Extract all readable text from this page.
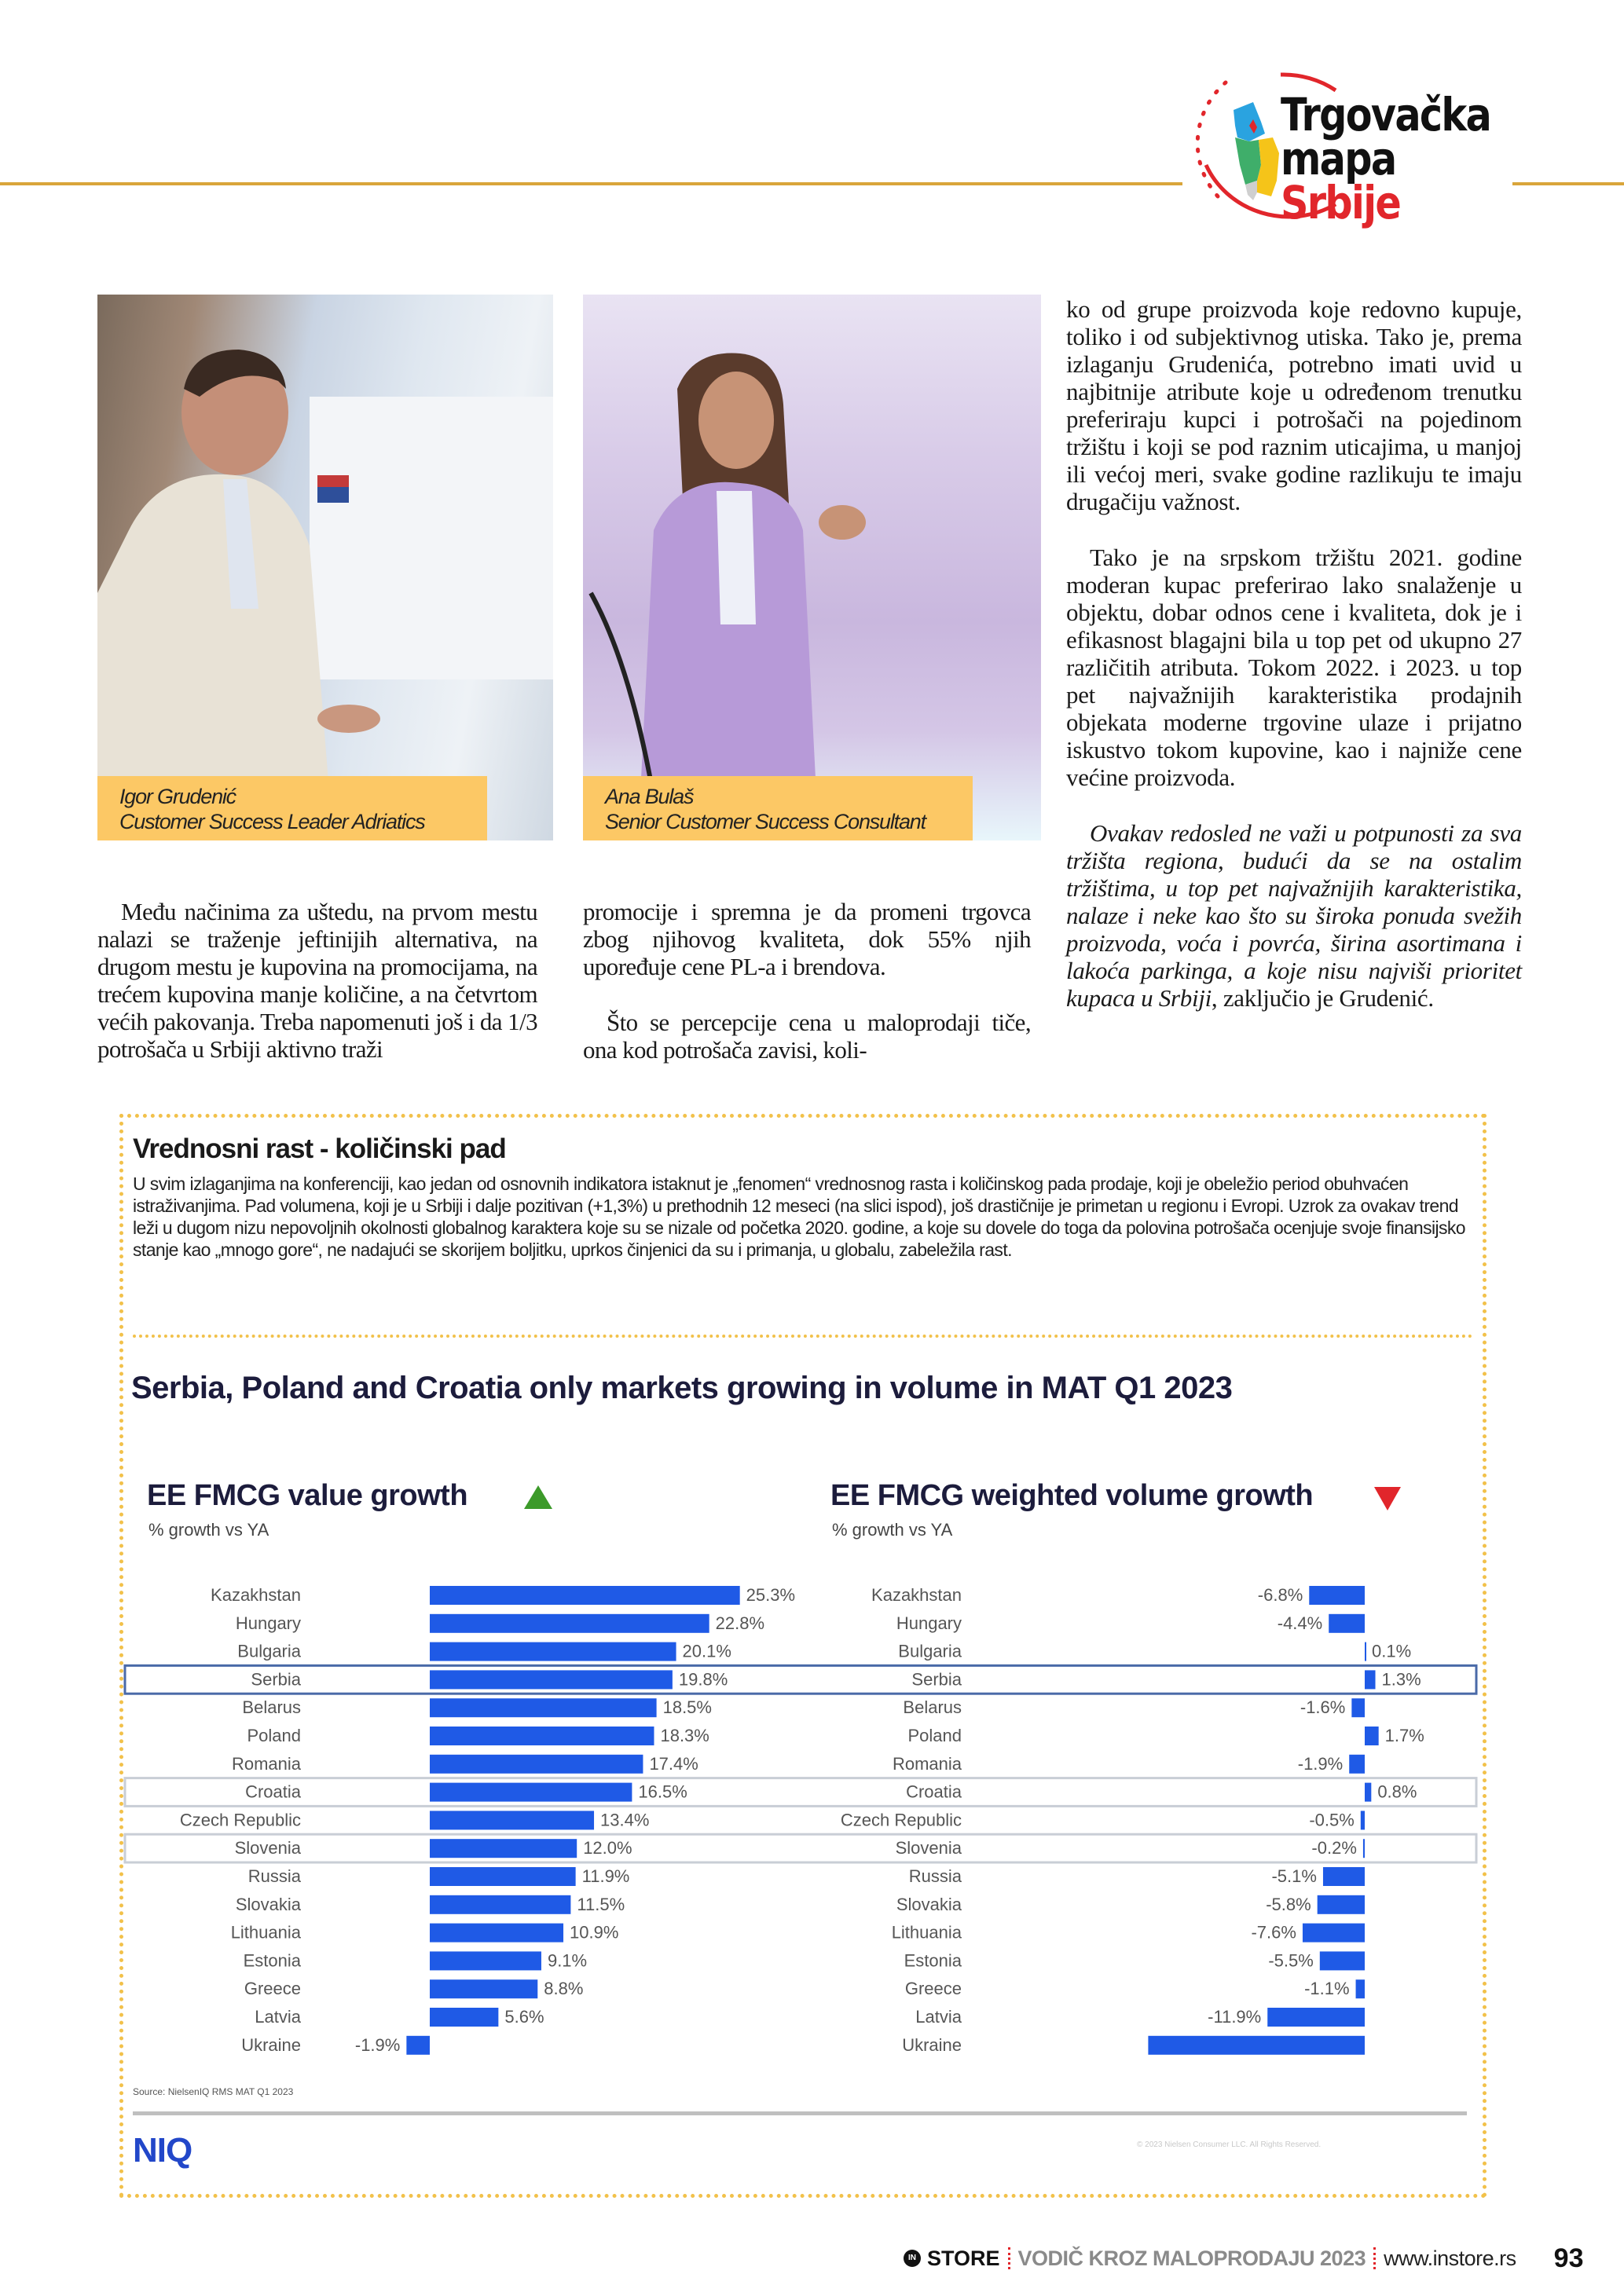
Trgovačka
mapa Srbije
Igor Grudenić
Customer Success Leader Adriatics
Ana Bulaš
Senior Customer Success Consultant

Među načinima za uštedu, na prvom mestu nalazi se traženje jeftinijih alternativa, na drugom mestu je kupovina na promocijama, na trećem kupovina manje količine, a na četvrtom većih pakovanja. Treba napomenuti još i da 1/3 potrošača u Srbiji aktivno traži

promocije i spremna je da promeni trgovca zbog njihovog kvaliteta, dok 55% njih upoređuje cene PL-a i brendova.

Što se percepcije cena u maloprodaji tiče, ona kod potrošača zavisi, koli-

ko od grupe proizvoda koje redovno kupuje, toliko i od subjektivnog utiska. Tako je, prema izlaganju Grudenića, potrebno imati uvid u najbitnije atribute koje u određenom trenutku preferiraju kupci i potrošači na pojedinom tržištu i koji se pod raznim uticajima, u manjoj ili većoj meri, svake godine razlikuju te imaju drugačiju važnost.

Tako je na srpskom tržištu 2021. godine moderan kupac preferirao lako snalaženje u objektu, dobar odnos cene i kvaliteta, dok je i efikasnost blagajni bila u top pet od ukupno 27 različitih atributa. Tokom 2022. i 2023. u top pet najvažnijih karakteristika prodajnih objekata moderne trgovine ulaze i prijatno iskustvo tokom kupovine, kao i najniže cene većine proizvoda.

Ovakav redosled ne važi u potpunosti za sva tržišta regiona, budući da se na ostalim tržištima, u top pet najvažnijih karakteristika, nalaze i neke kao što su široka ponuda svežih proizvoda, voća i povrća, širina asortimana i lakoća parkinga, a koje nisu najviši prioritet kupaca u Srbiji, zaključio je Grudenić.

Vrednosni rast - količinski pad
U svim izlaganjima na konferenciji, kao jedan od osnovnih indikatora istaknut je „fenomen“ vrednosnog rasta i količinskog pada prodaje, koji je obeležio period obuhvaćen istraživanjima. Pad volumena, koji je u Srbiji i dalje pozitivan (+1,3%) u prethodnih 12 meseci (na slici ispod), još drastičnije je primetan u regionu i Evropi. Uzrok za ovakav trend leži u dugom nizu nepovoljnih okolnosti globalnog karaktera koje su se nizale od početka 2020. godine, a koje su dovele do toga da polovina potrošača ocenjuje svoje finansijsko stanje kao „mnogo gore“, ne nadajući se skorijem boljitku, uprkos činjenici da su i primanja, u globalu, zabeležila rast.
Serbia, Poland and Croatia only markets growing in volume in MAT Q1 2023
EE FMCG value growth
% growth vs YA
EE FMCG weighted volume growth
% growth vs YA
Kazakhstan	25.3%
Hungary	22.8%
Bulgaria	20.1%
Serbia	19.8%
Belarus	18.5%
Poland	18.3%
Romania	17.4%
Croatia	16.5%
Czech Republic	13.4%
Slovenia	12.0%
Russia	11.9%
Slovakia	11.5%
Lithuania	10.9%
Estonia	9.1%
Greece	8.8%
Latvia	5.6%
Ukraine	-1.9%
Kazakhstan	-6.8%
Hungary	-4.4%
Bulgaria	0.1%
Serbia	1.3%
Belarus	-1.6%
Poland	1.7%
Romania	-1.9%
Croatia	0.8%
Czech Republic	-0.5%
Slovenia	-0.2%
Russia	-5.1%
Slovakia	-5.8%
Lithuania	-7.6%
Estonia	-5.5%
Greece	-1.1%
Latvia	-11.9%
Ukraine
Source: NielsenIQ RMS MAT Q1 2023
NIQ	© 2023 Nielsen Consumer LLC. All Rights Reserved.
IN STORE VODIČ KROZ MALOPRODAJU 2023 www.instore.rs 93
